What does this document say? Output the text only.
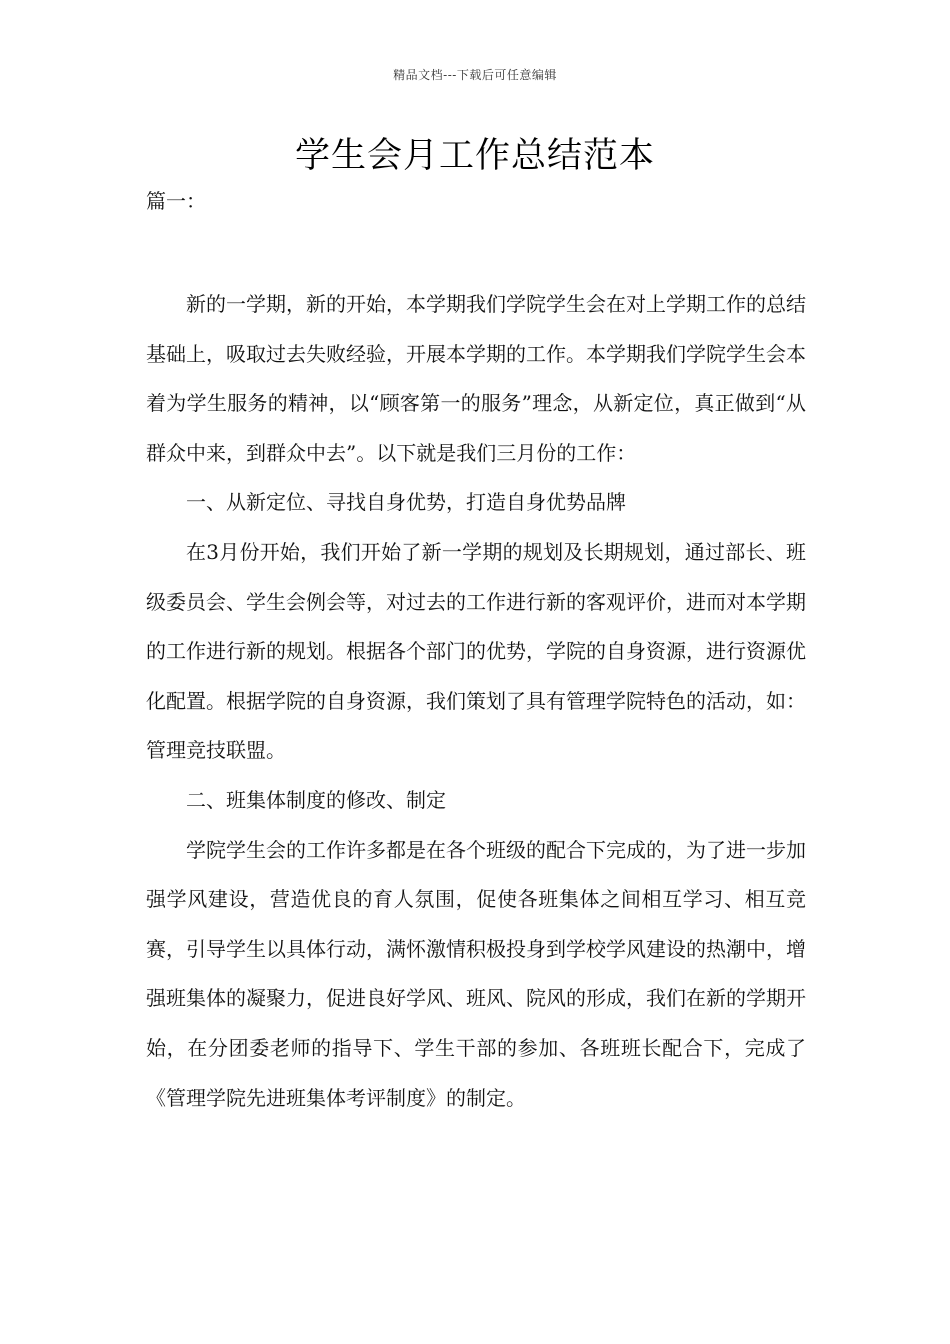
精品文档---下载后可任意编辑
学生会月工作总结范本
篇一：

新的一学期，新的开始，本学期我们学院学生会在对上学期工作的总结基础上，吸取过去失败经验，开展本学期的工作。本学期我们学院学生会本着为学生服务的精神，以“顾客第一的服务”理念，从新定位，真正做到“从群众中来，到群众中去”。以下就是我们三月份的工作：

一、从新定位、寻找自身优势，打造自身优势品牌

在3月份开始，我们开始了新一学期的规划及长期规划，通过部长、班级委员会、学生会例会等，对过去的工作进行新的客观评价，进而对本学期的工作进行新的规划。根据各个部门的优势，学院的自身资源，进行资源优化配置。根据学院的自身资源，我们策划了具有管理学院特色的活动，如：管理竞技联盟。

二、班集体制度的修改、制定

学院学生会的工作许多都是在各个班级的配合下完成的，为了进一步加强学风建设，营造优良的育人氛围，促使各班集体之间相互学习、相互竞赛，引导学生以具体行动，满怀激情积极投身到学校学风建设的热潮中，增强班集体的凝聚力，促进良好学风、班风、院风的形成，我们在新的学期开始，在分团委老师的指导下、学生干部的参加、各班班长配合下，完成了《管理学院先进班集体考评制度》的制定。
